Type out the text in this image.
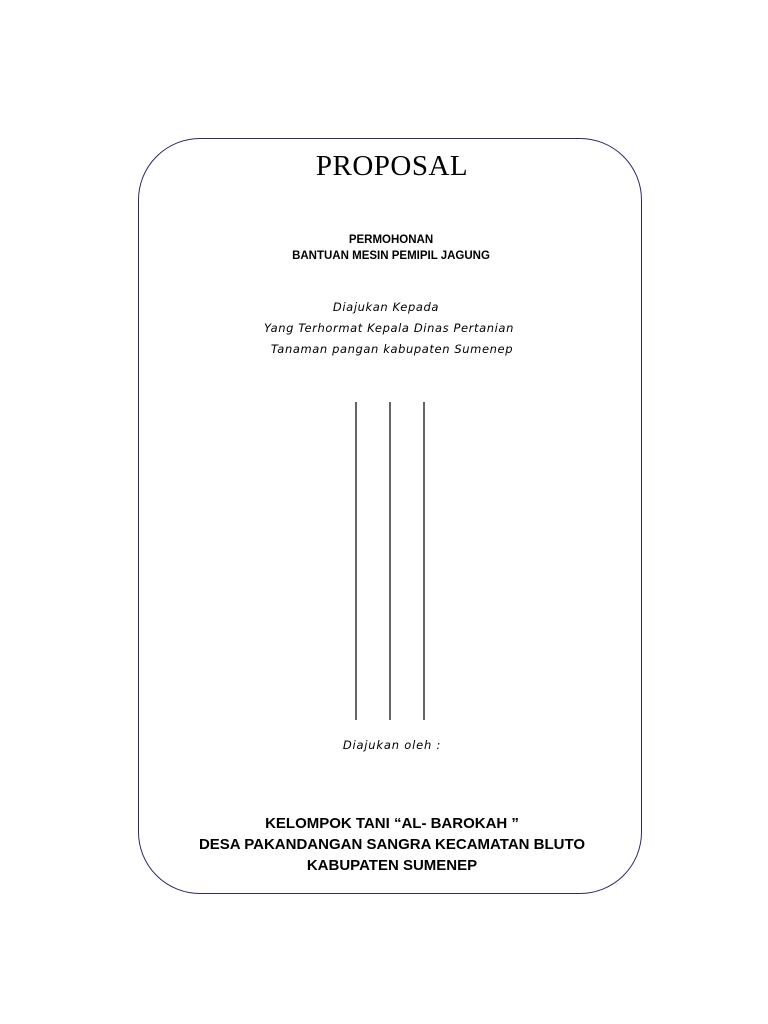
PROPOSAL
PERMOHONAN
BANTUAN MESIN PEMIPIL JAGUNG
Diajukan Kepada
Yang Terhormat Kepala Dinas Pertanian
Tanaman pangan kabupaten Sumenep
Diajukan oleh :
KELOMPOK TANI “AL- BAROKAH ”
DESA PAKANDANGAN SANGRA KECAMATAN BLUTO
KABUPATEN SUMENEP
